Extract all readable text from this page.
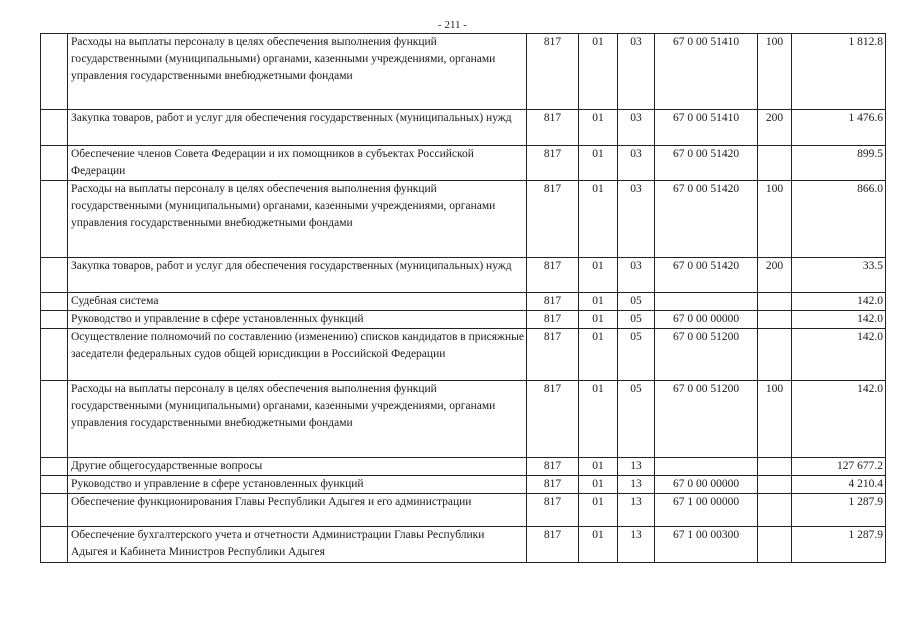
- 211 -
	Расходы на выплаты персоналу в целях обеспечения выполнения функций государственными (муниципальными) органами, казенными учреждениями, органами управления государственными внебюджетными фондами	817	01	03	67 0 00 51410	100	1 812.8
	Закупка товаров, работ и услуг для обеспечения государственных (муниципальных) нужд	817	01	03	67 0 00 51410	200	1 476.6
	Обеспечение членов Совета Федерации и их помощников в субъектах Российской Федерации	817	01	03	67 0 00 51420		899.5
	Расходы на выплаты персоналу в целях обеспечения выполнения функций государственными (муниципальными) органами, казенными учреждениями, органами управления государственными внебюджетными фондами	817	01	03	67 0 00 51420	100	866.0
	Закупка товаров, работ и услуг для обеспечения государственных (муниципальных) нужд	817	01	03	67 0 00 51420	200	33.5
	Судебная система	817	01	05			142.0
	Руководство и управление в сфере установленных функций	817	01	05	67 0 00 00000		142.0
	Осуществление полномочий по составлению (изменению) списков кандидатов в присяжные заседатели федеральных судов общей юрисдикции в Российской Федерации	817	01	05	67 0 00 51200		142.0
	Расходы на выплаты персоналу в целях обеспечения выполнения функций государственными (муниципальными) органами, казенными учреждениями, органами управления государственными внебюджетными фондами	817	01	05	67 0 00 51200	100	142.0
	Другие общегосударственные вопросы	817	01	13			127 677.2
	Руководство и управление в сфере установленных функций	817	01	13	67 0 00 00000		4 210.4
	Обеспечение функционирования Главы Республики Адыгея и его администрации	817	01	13	67 1 00 00000		1 287.9
	Обеспечение бухгалтерского учета и отчетности Администрации Главы Республики Адыгея и Кабинета Министров Республики Адыгея	817	01	13	67 1 00 00300		1 287.9
